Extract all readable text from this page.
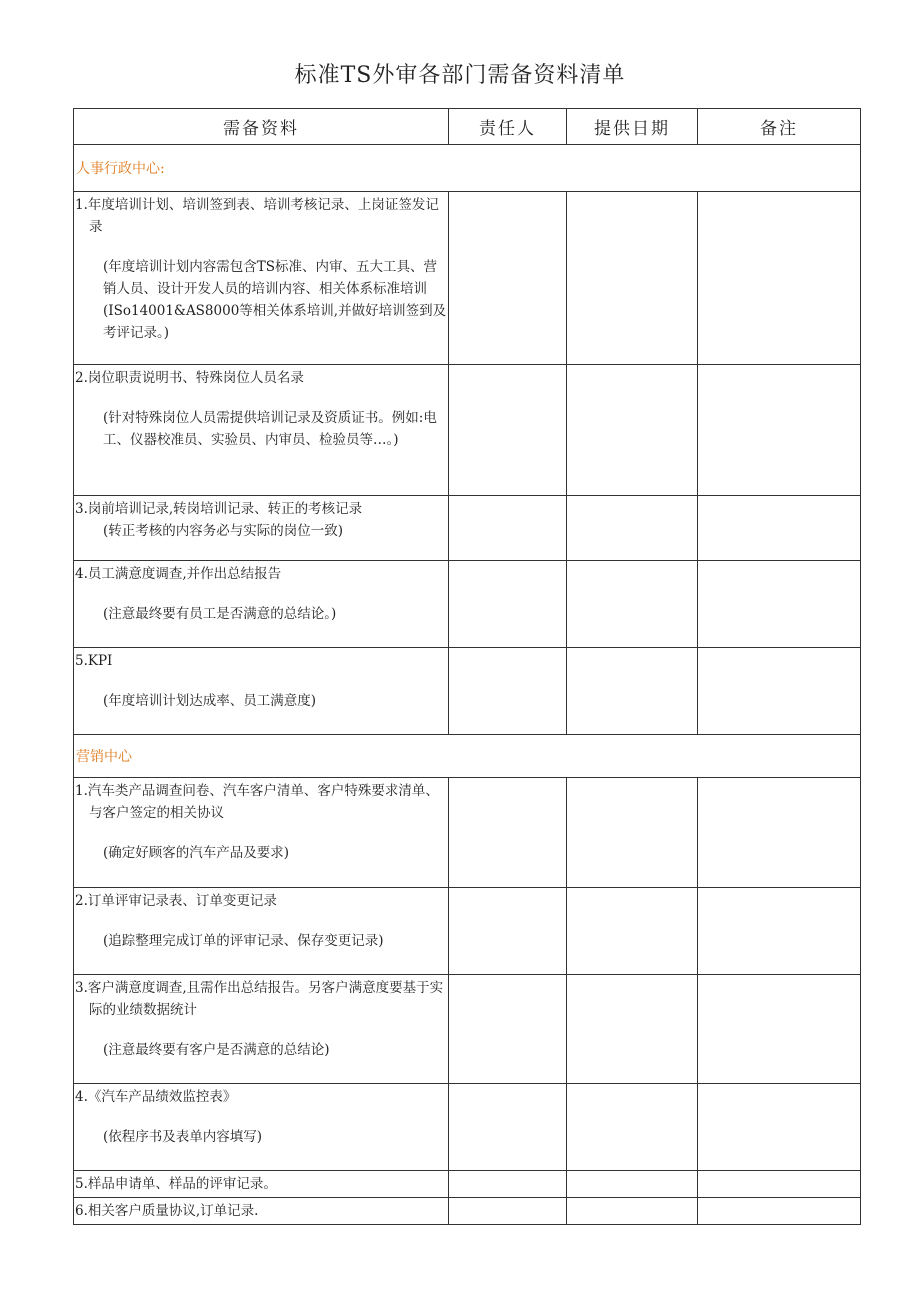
标准TS外审各部门需备资料清单
需备资料	责任人	提供日期	备注
人事行政中心:			

1.年度培训计划、培训签到表、培训考核记录、上岗证签发记录
(年度培训计划内容需包含TS标准、内审、五大工具、营销人员、设计开发人员的培训内容、相关体系标准培训(ISo14001&AS8000等相关体系培训,并做好培训签到及考评记录。)			

2.岗位职责说明书、特殊岗位人员名录
(针对特殊岗位人员需提供培训记录及资质证书。例如:电工、仪器校准员、实验员、内审员、检验员等…。)			

3.岗前培训记录,转岗培训记录、转正的考核记录
(转正考核的内容务必与实际的岗位一致)			

4.员工满意度调查,并作出总结报告
(注意最终要有员工是否满意的总结论。)			

5.KPI
(年度培训计划达成率、员工满意度)			

营销中心			

1.汽车类产品调查问卷、汽车客户清单、客户特殊要求清单、与客户签定的相关协议
(确定好顾客的汽车产品及要求)			

2.订单评审记录表、订单变更记录
(追踪整理完成订单的评审记录、保存变更记录)			

3.客户满意度调查,且需作出总结报告。另客户满意度要基于实际的业绩数据统计
(注意最终要有客户是否满意的总结论)			

4.《汽车产品绩效监控表》
(依程序书及表单内容填写)			

5.样品申请单、样品的评审记录。			

6.相关客户质量协议,订单记录.			
